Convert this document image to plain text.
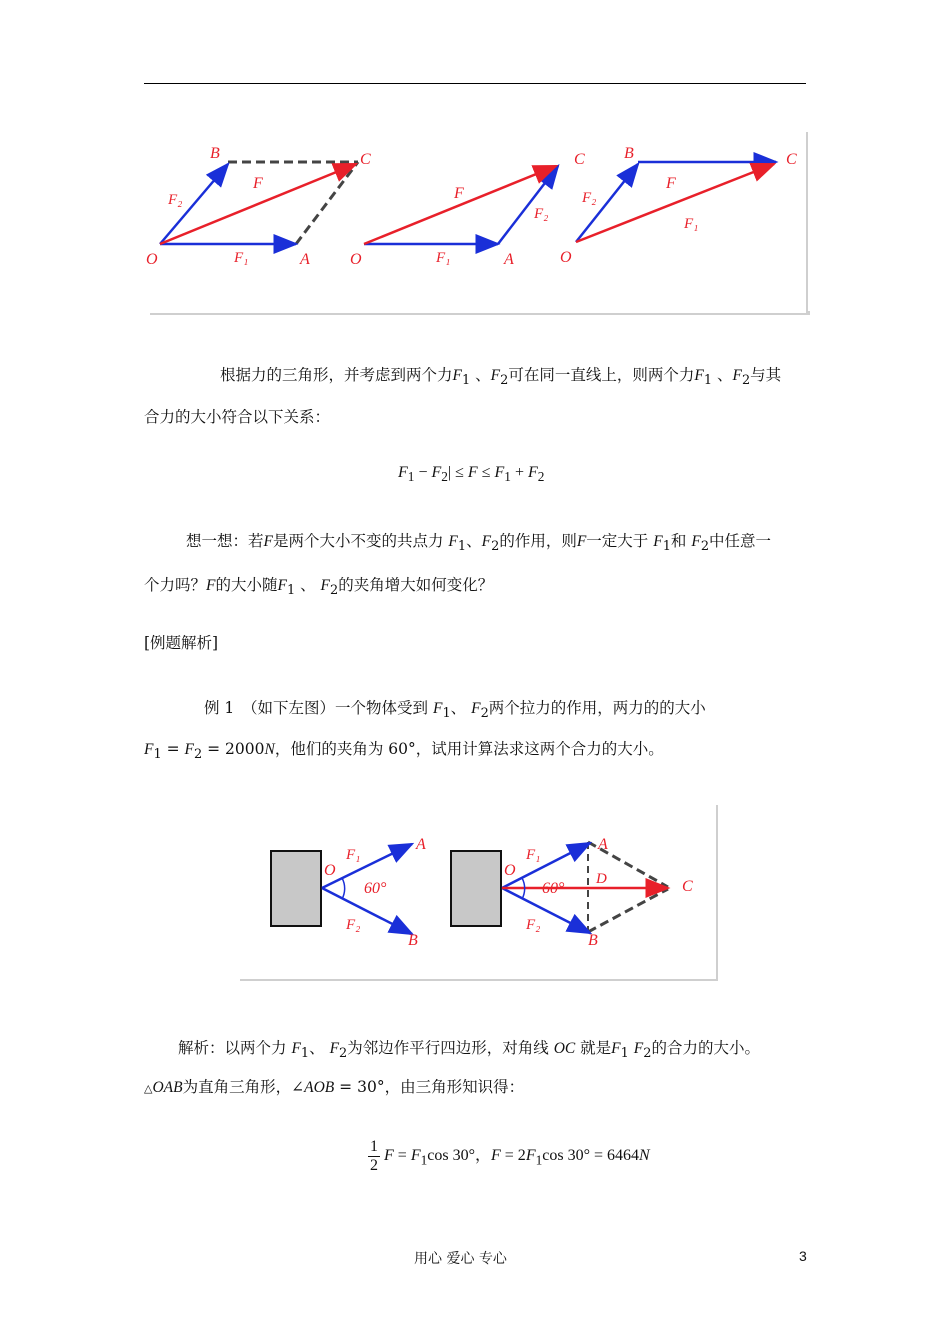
O	A
B	C
F
F₁
F₂
O	A
C
F
F₁
F₂
O
B	C
F
F₁
F₂
根据力的三角形，并考虑到两个力$F_1$ 、$F_2$可在同一直线上，则两个力$F_1$ 、$F_2$与其
合力的大小符合以下关系：
$F_1 - F_2| \le F \le F_1 + F_2$
想一想：若F是两个大小不变的共点力 $F_1$、$F_2$的作用，则F一定大于 $F_1$和 $F_2$中任意一
个力吗？F的大小随$F_1$ 、 $F_2$的夹角增大如何变化？
[例题解析]
例 1　（如下左图）一个物体受到 $F_1$、 $F_2$两个拉力的作用，两力的的大小
$F_1 = F_2 = 2000N$，他们的夹角为 60°，试用计算法求这两个合力的大小。
O
A
B
F₁
F₂
60°
O
A
B
C
D
F₁
F₂
60°
解析：以两个力 $F_1$、 $F_2$为邻边作平行四边形，对角线 OC 就是$F_1$ $F_2$的合力的大小。
△OAB为直角三角形，∠AOB = 30°，由三角形知识得：
$\frac{1}{2}$ $F = F_1\cos$ 30°，$F = 2F_1\cos$ 30° = 6464N
用心 爱心 专心	3
